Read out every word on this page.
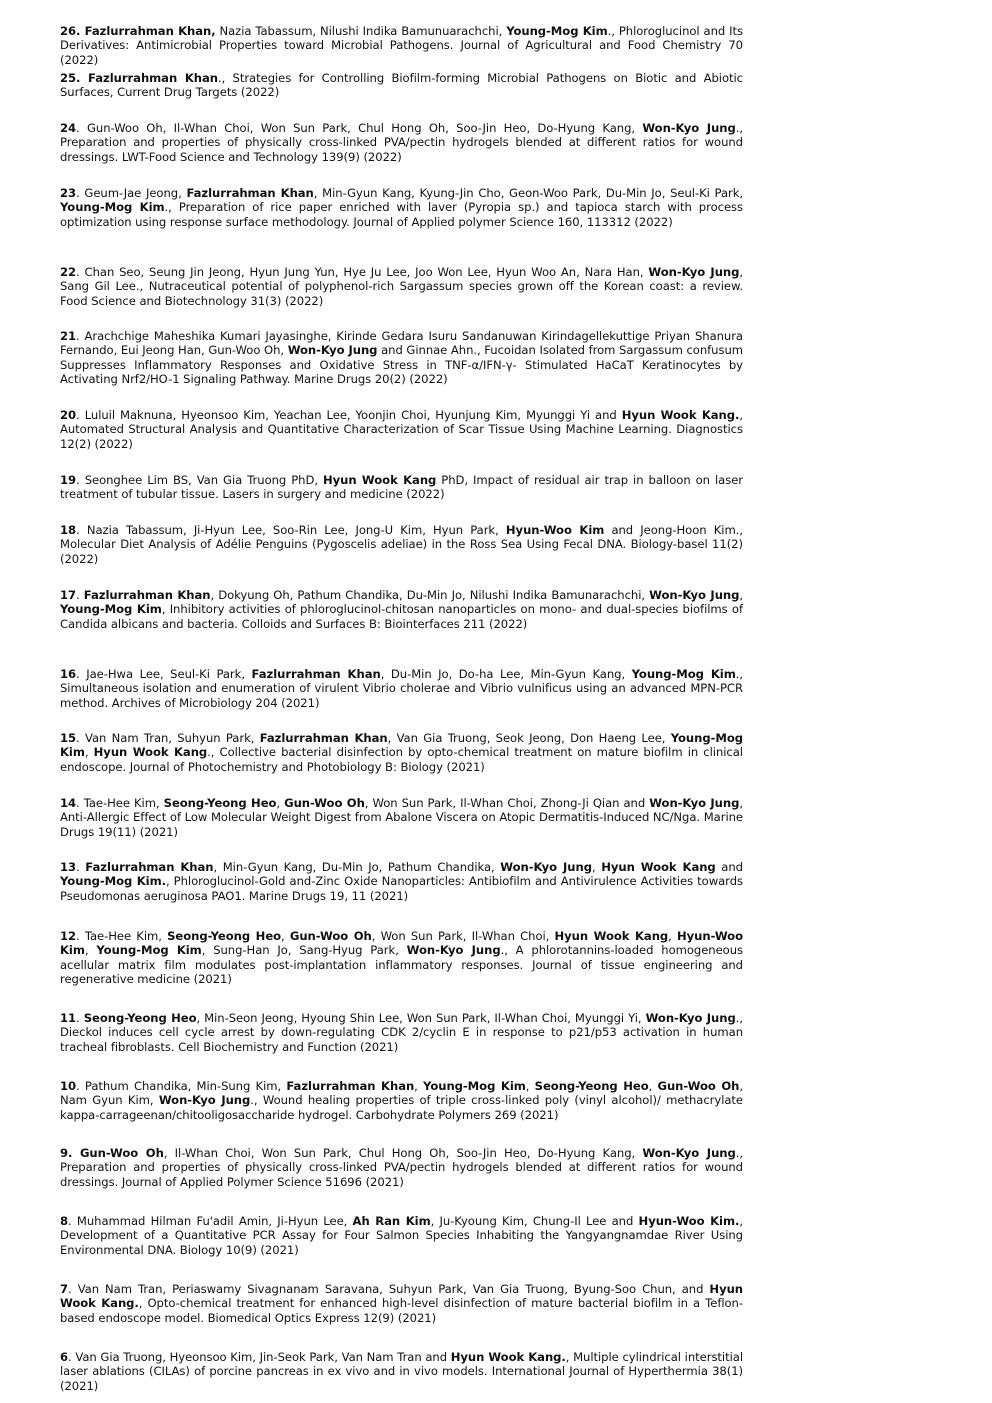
26. Fazlurrahman Khan, Nazia Tabassum, Nilushi Indika Bamunuarachchi, Young-Mog Kim., Phloroglucinol and Its Derivatives: Antimicrobial Properties toward Microbial Pathogens. Journal of Agricultural and Food Chemistry 70 (2022)

25. Fazlurrahman Khan., Strategies for Controlling Biofilm-forming Microbial Pathogens on Biotic and Abiotic Surfaces, Current Drug Targets (2022)

24. Gun-Woo Oh, Il-Whan Choi, Won Sun Park, Chul Hong Oh, Soo-Jin Heo, Do-Hyung Kang, Won-Kyo Jung., Preparation and properties of physically cross-linked PVA/pectin hydrogels blended at different ratios for wound dressings. LWT-Food Science and Technology 139(9) (2022)

23. Geum-Jae Jeong, Fazlurrahman Khan, Min-Gyun Kang, Kyung-Jin Cho, Geon-Woo Park, Du-Min Jo, Seul-Ki Park, Young-Mog Kim., Preparation of rice paper enriched with laver (Pyropia sp.) and tapioca starch with process optimization using response surface methodology. Journal of Applied polymer Science 160, 113312 (2022)

22. Chan Seo, Seung Jin Jeong, Hyun Jung Yun, Hye Ju Lee, Joo Won Lee, Hyun Woo An, Nara Han, Won-Kyo Jung, Sang Gil Lee., Nutraceutical potential of polyphenol-rich Sargassum species grown off the Korean coast: a review. Food Science and Biotechnology 31(3) (2022)

21. Arachchige Maheshika Kumari Jayasinghe, Kirinde Gedara Isuru Sandanuwan Kirindagellekuttige Priyan Shanura Fernando, Eui Jeong Han, Gun-Woo Oh, Won-Kyo Jung and Ginnae Ahn., Fucoidan Isolated from Sargassum confusum Suppresses Inflammatory Responses and Oxidative Stress in TNF-α/IFN-γ- Stimulated HaCaT Keratinocytes by Activating Nrf2/HO-1 Signaling Pathway. Marine Drugs 20(2) (2022)

20. Luluil Maknuna, Hyeonsoo Kim, Yeachan Lee, Yoonjin Choi, Hyunjung Kim, Myunggi Yi and Hyun Wook Kang., Automated Structural Analysis and Quantitative Characterization of Scar Tissue Using Machine Learning. Diagnostics 12(2) (2022)

19. Seonghee Lim BS, Van Gia Truong PhD, Hyun Wook Kang PhD, Impact of residual air trap in balloon on laser treatment of tubular tissue. Lasers in surgery and medicine (2022)

18. Nazia Tabassum, Ji-Hyun Lee, Soo-Rin Lee, Jong-U Kim, Hyun Park, Hyun-Woo Kim and Jeong-Hoon Kim., Molecular Diet Analysis of Adélie Penguins (Pygoscelis adeliae) in the Ross Sea Using Fecal DNA. Biology-basel 11(2) (2022)

17. Fazlurrahman Khan, Dokyung Oh, Pathum Chandika, Du-Min Jo, Nilushi Indika Bamunarachchi, Won-Kyo Jung, Young-Mog Kim, Inhibitory activities of phloroglucinol-chitosan nanoparticles on mono- and dual-species biofilms of Candida albicans and bacteria. Colloids and Surfaces B: Biointerfaces 211 (2022)

16. Jae-Hwa Lee, Seul-Ki Park, Fazlurrahman Khan, Du-Min Jo, Do-ha Lee, Min-Gyun Kang, Young-Mog Kim., Simultaneous isolation and enumeration of virulent Vibrio cholerae and Vibrio vulnificus using an advanced MPN-PCR method. Archives of Microbiology 204 (2021)

15. Van Nam Tran, Suhyun Park, Fazlurrahman Khan, Van Gia Truong, Seok Jeong, Don Haeng Lee, Young-Mog Kim, Hyun Wook Kang., Collective bacterial disinfection by opto-chemical treatment on mature biofilm in clinical endoscope. Journal of Photochemistry and Photobiology B: Biology (2021)

14. Tae-Hee Kim, Seong-Yeong Heo, Gun-Woo Oh, Won Sun Park, Il-Whan Choi, Zhong-Ji Qian and Won-Kyo Jung, Anti-Allergic Effect of Low Molecular Weight Digest from Abalone Viscera on Atopic Dermatitis-Induced NC/Nga. Marine Drugs 19(11) (2021)

13. Fazlurrahman Khan, Min-Gyun Kang, Du-Min Jo, Pathum Chandika, Won-Kyo Jung, Hyun Wook Kang and Young-Mog Kim., Phloroglucinol-Gold and-Zinc Oxide Nanoparticles: Antibiofilm and Antivirulence Activities towards Pseudomonas aeruginosa PAO1. Marine Drugs 19, 11 (2021)

12. Tae-Hee Kim, Seong-Yeong Heo, Gun-Woo Oh, Won Sun Park, Il-Whan Choi, Hyun Wook Kang, Hyun-Woo Kim, Young-Mog Kim, Sung-Han Jo, Sang-Hyug Park, Won-Kyo Jung., A phlorotannins-loaded homogeneous acellular matrix film modulates post-implantation inflammatory responses. Journal of tissue engineering and regenerative medicine (2021)

11. Seong-Yeong Heo, Min-Seon Jeong, Hyoung Shin Lee, Won Sun Park, Il-Whan Choi, Myunggi Yi, Won-Kyo Jung., Dieckol induces cell cycle arrest by down-regulating CDK 2/cyclin E in response to p21/p53 activation in human tracheal fibroblasts. Cell Biochemistry and Function (2021)

10. Pathum Chandika, Min-Sung Kim, Fazlurrahman Khan, Young-Mog Kim, Seong-Yeong Heo, Gun-Woo Oh, Nam Gyun Kim, Won-Kyo Jung., Wound healing properties of triple cross-linked poly (vinyl alcohol)/ methacrylate kappa-carrageenan/chitooligosaccharide hydrogel. Carbohydrate Polymers 269 (2021)

9. Gun-Woo Oh, Il-Whan Choi, Won Sun Park, Chul Hong Oh, Soo-Jin Heo, Do-Hyung Kang, Won-Kyo Jung., Preparation and properties of physically cross-linked PVA/pectin hydrogels blended at different ratios for wound dressings. Journal of Applied Polymer Science 51696 (2021)

8. Muhammad Hilman Fu'adil Amin, Ji-Hyun Lee, Ah Ran Kim, Ju-Kyoung Kim, Chung-Il Lee and Hyun-Woo Kim., Development of a Quantitative PCR Assay for Four Salmon Species Inhabiting the Yangyangnamdae River Using Environmental DNA. Biology 10(9) (2021)

7. Van Nam Tran, Periaswamy Sivagnanam Saravana, Suhyun Park, Van Gia Truong, Byung-Soo Chun, and Hyun Wook Kang., Opto-chemical treatment for enhanced high-level disinfection of mature bacterial biofilm in a Teflon-based endoscope model. Biomedical Optics Express 12(9) (2021)

6. Van Gia Truong, Hyeonsoo Kim, Jin-Seok Park, Van Nam Tran and Hyun Wook Kang., Multiple cylindrical interstitial laser ablations (CILAs) of porcine pancreas in ex vivo and in vivo models. International Journal of Hyperthermia 38(1) (2021)
